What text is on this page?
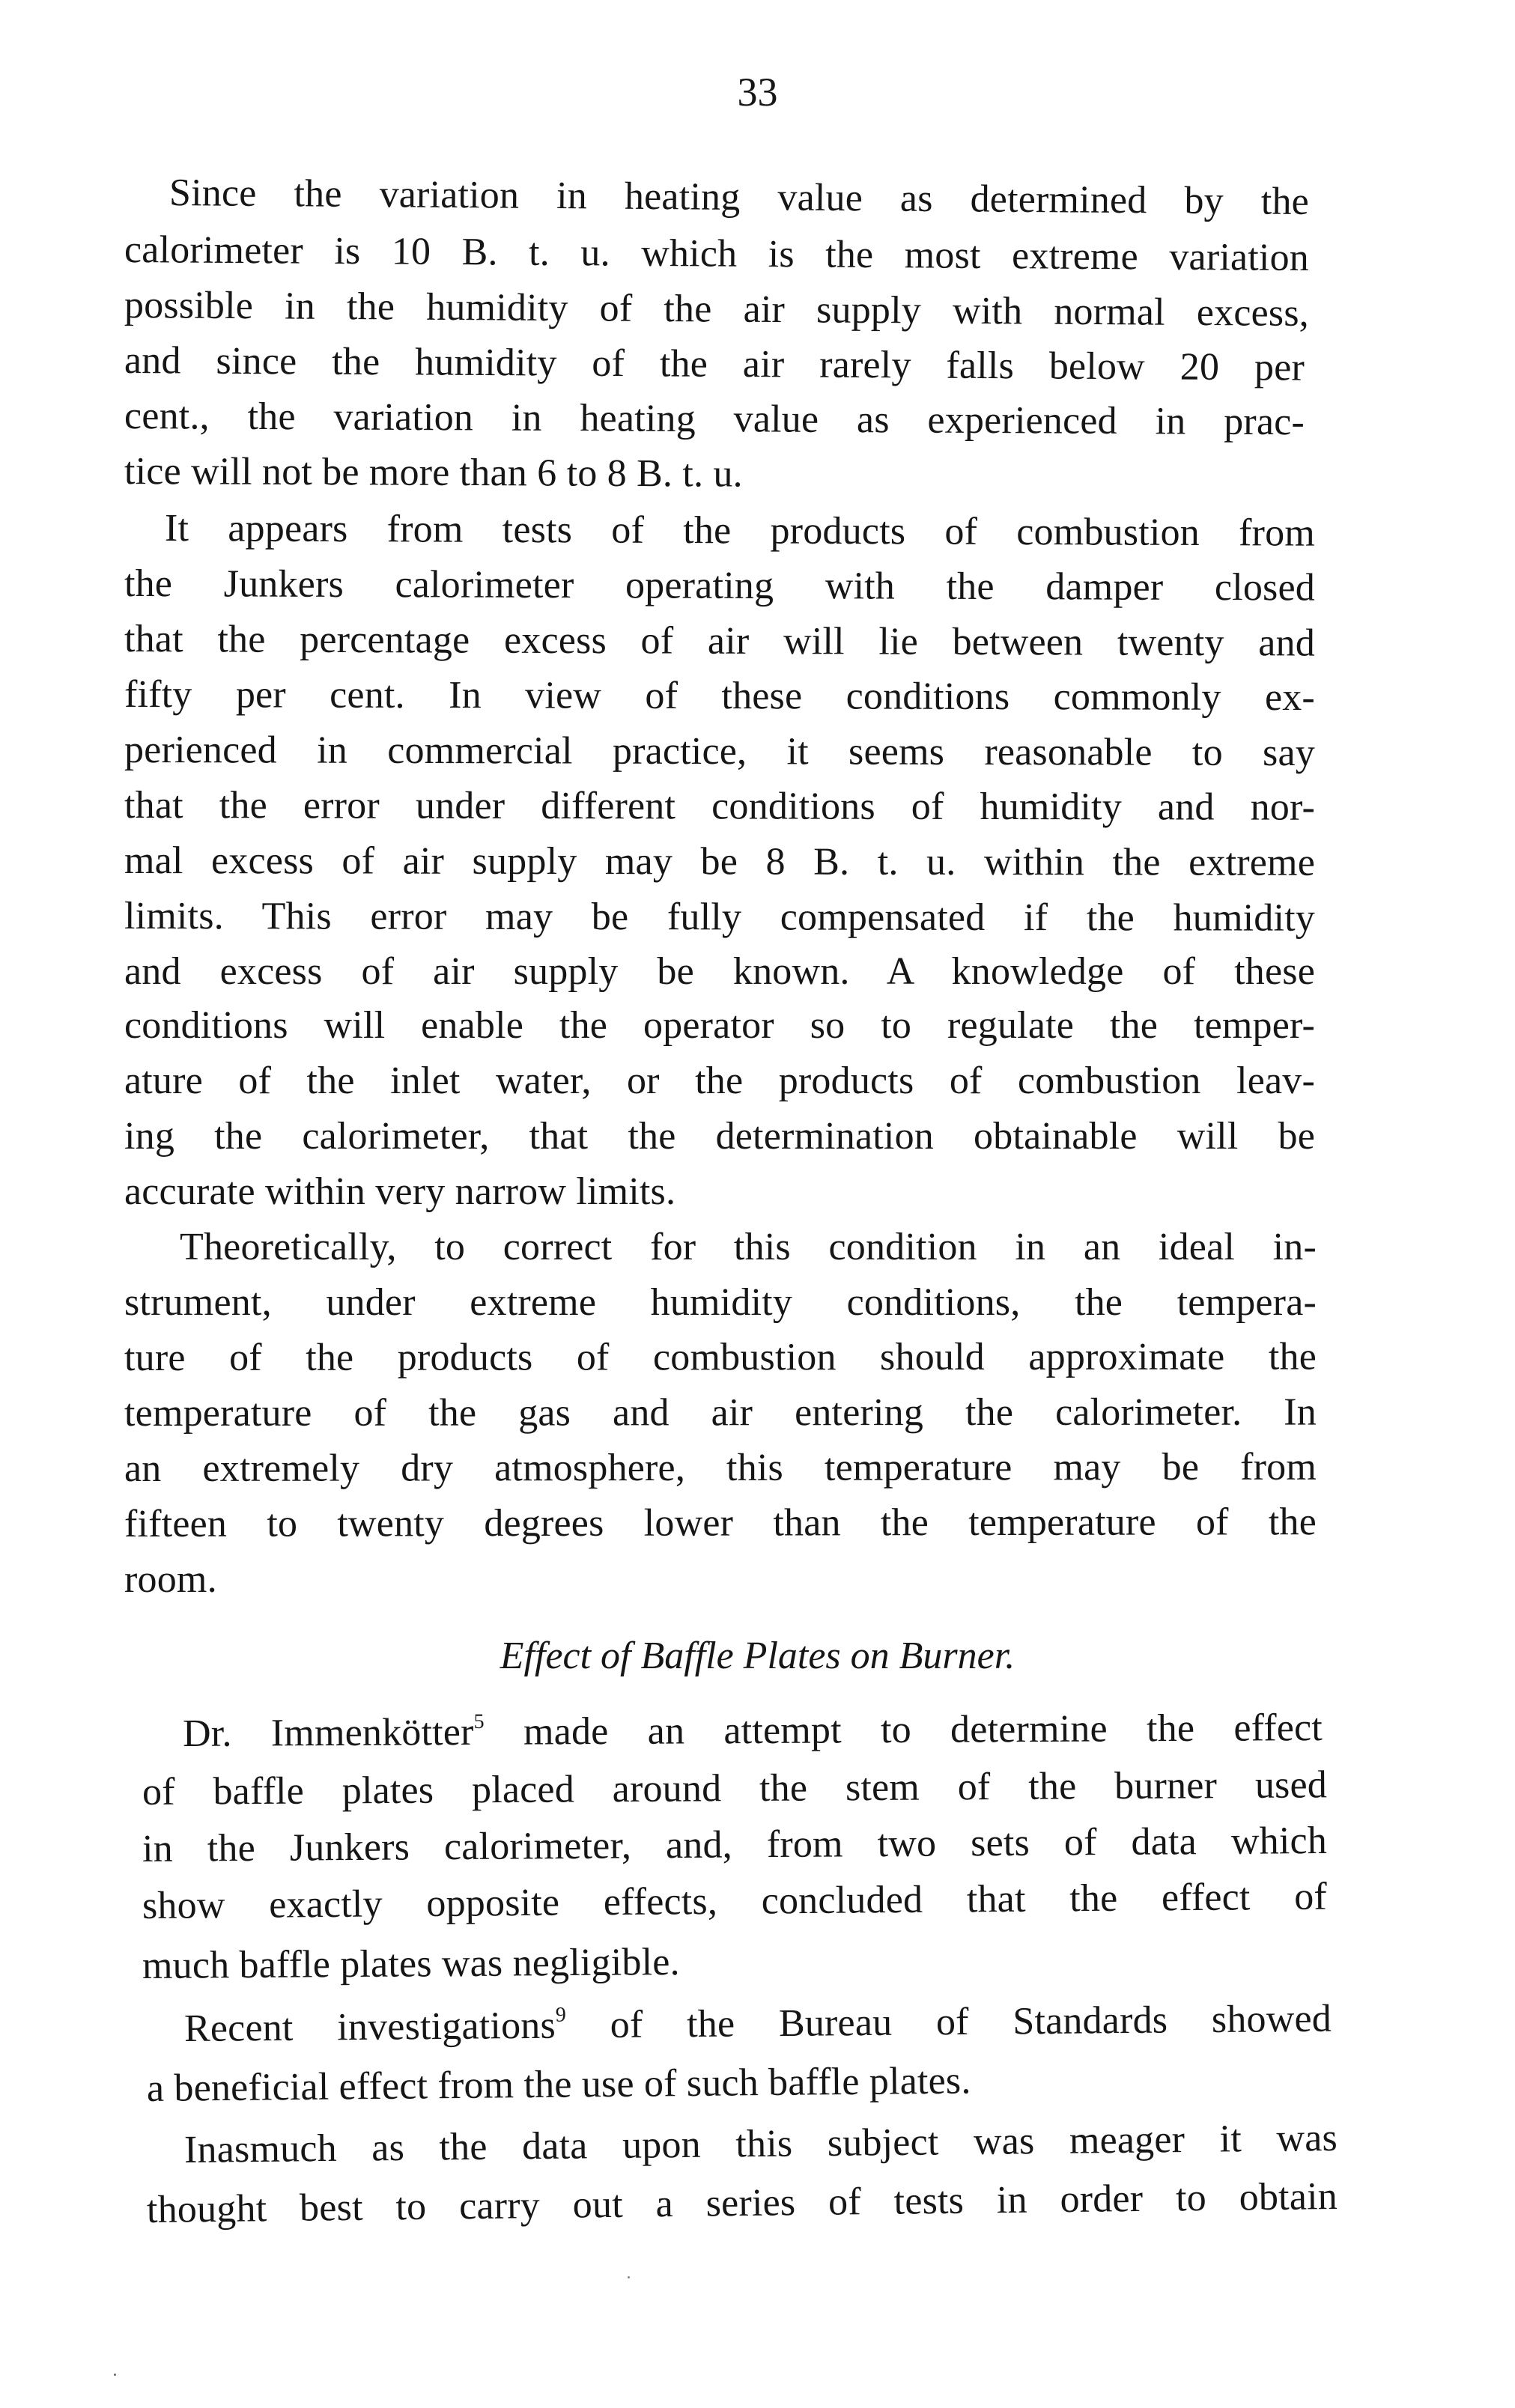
33
Since the variation in heating value as determined by the
calorimeter is 10 B. t. u. which is the most extreme variation
possible in the humidity of the air supply with normal excess,
and since the humidity of the air rarely falls below 20 per
cent., the variation in heating value as experienced in prac-
tice will not be more than 6 to 8 B. t. u.
It appears from tests of the products of combustion from
the Junkers calorimeter operating with the damper closed
that the percentage excess of air will lie between twenty and
fifty per cent. In view of these conditions commonly ex-
perienced in commercial practice, it seems reasonable to say
that the error under different conditions of humidity and nor-
mal excess of air supply may be 8 B. t. u. within the extreme
limits. This error may be fully compensated if the humidity
and excess of air supply be known. A knowledge of these
conditions will enable the operator so to regulate the temper-
ature of the inlet water, or the products of combustion leav-
ing the calorimeter, that the determination obtainable will be
accurate within very narrow limits.
Theoretically, to correct for this condition in an ideal in-
strument, under extreme humidity conditions, the tempera-
ture of the products of combustion should approximate the
temperature of the gas and air entering the calorimeter. In
an extremely dry atmosphere, this temperature may be from
fifteen to twenty degrees lower than the temperature of the
room.
Effect of Baffle Plates on Burner.
Dr. Immenkötter$^5$ made an attempt to determine the effect
of baffle plates placed around the stem of the burner used
in the Junkers calorimeter, and, from two sets of data which
show exactly opposite effects, concluded that the effect of
much baffle plates was negligible.
Recent investigations$^9$ of the Bureau of Standards showed
a beneficial effect from the use of such baffle plates.
Inasmuch as the data upon this subject was meager it was
thought best to carry out a series of tests in order to obtain
